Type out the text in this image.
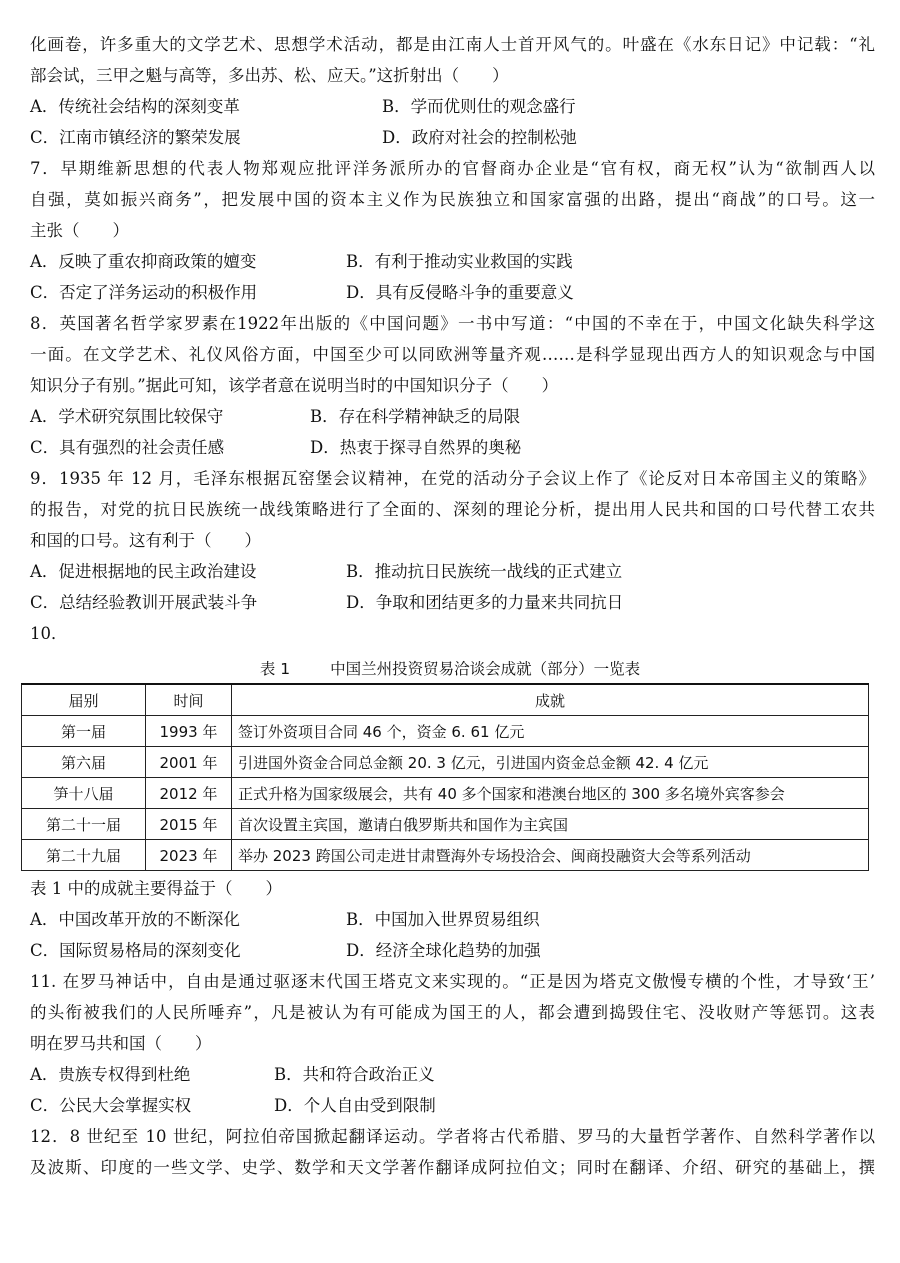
化画卷，许多重大的文学艺术、思想学术活动，都是由江南人士首开风气的。叶盛在《水东日记》中记载：“礼
部会试，三甲之魁与高等，多出苏、松、应天。”这折射出（　　）
A．传统社会结构的深刻变革	B．学而优则仕的观念盛行
C．江南市镇经济的繁荣发展	D．政府对社会的控制松弛
7．早期维新思想的代表人物郑观应批评洋务派所办的官督商办企业是“官有权，商无权”认为“欲制西人以
自强，莫如振兴商务”，把发展中国的资本主义作为民族独立和国家富强的出路，提出“商战”的口号。这一
主张（　　）
A．反映了重农抑商政策的嬗变	B．有利于推动实业救国的实践
C．否定了洋务运动的积极作用	D．具有反侵略斗争的重要意义
8．英国著名哲学家罗素在1922年出版的《中国问题》一书中写道：“中国的不幸在于，中国文化缺失科学这
一面。在文学艺术、礼仪风俗方面，中国至少可以同欧洲等量齐观……是科学显现出西方人的知识观念与中国
知识分子有别。”据此可知，该学者意在说明当时的中国知识分子（　　）
A．学术研究氛围比较保守	B．存在科学精神缺乏的局限
C．具有强烈的社会责任感	D．热衷于探寻自然界的奥秘
9．1935 年 12 月，毛泽东根据瓦窑堡会议精神，在党的活动分子会议上作了《论反对日本帝国主义的策略》
的报告，对党的抗日民族统一战线策略进行了全面的、深刻的理论分析，提出用人民共和国的口号代替工农共
和国的口号。这有利于（　　）
A．促进根据地的民主政治建设	B．推动抗日民族统一战线的正式建立
C．总结经验教训开展武装斗争	D．争取和团结更多的力量来共同抗日
10．
表 1	中国兰州投资贸易洽谈会成就（部分）一览表
届别	时间	成就
第一届	1993 年	签订外资项目合同 46 个，资金 6. 61 亿元
第六届	2001 年	引进国外资金合同总金额 20. 3 亿元，引进国内资金总金额 42. 4 亿元
笋十八届	2012 年	正式升格为国家级展会，共有 40 多个国家和港澳台地区的 300 多名境外宾客参会
第二十一届	2015 年	首次设置主宾国，邀请白俄罗斯共和国作为主宾国
第二十九届	2023 年	举办 2023 跨国公司走进甘肃暨海外专场投洽会、闽商投融资大会等系列活动
表 1 中的成就主要得益于（　　）
A．中国改革开放的不断深化	B．中国加入世界贸易组织
C．国际贸易格局的深刻变化	D．经济全球化趋势的加强
11. 在罗马神话中，自由是通过驱逐末代国王塔克文来实现的。“正是因为塔克文傲慢专横的个性，才导致‘王’
的头衔被我们的人民所唾弃”，凡是被认为有可能成为国王的人，都会遭到捣毁住宅、没收财产等惩罚。这表
明在罗马共和国（　　）
A．贵族专权得到杜绝	B．共和符合政治正义
C．公民大会掌握实权	D．个人自由受到限制
12．8 世纪至 10 世纪，阿拉伯帝国掀起翻译运动。学者将古代希腊、罗马的大量哲学著作、自然科学著作以
及波斯、印度的一些文学、史学、数学和天文学著作翻译成阿拉伯文；同时在翻译、介绍、研究的基础上，撰
